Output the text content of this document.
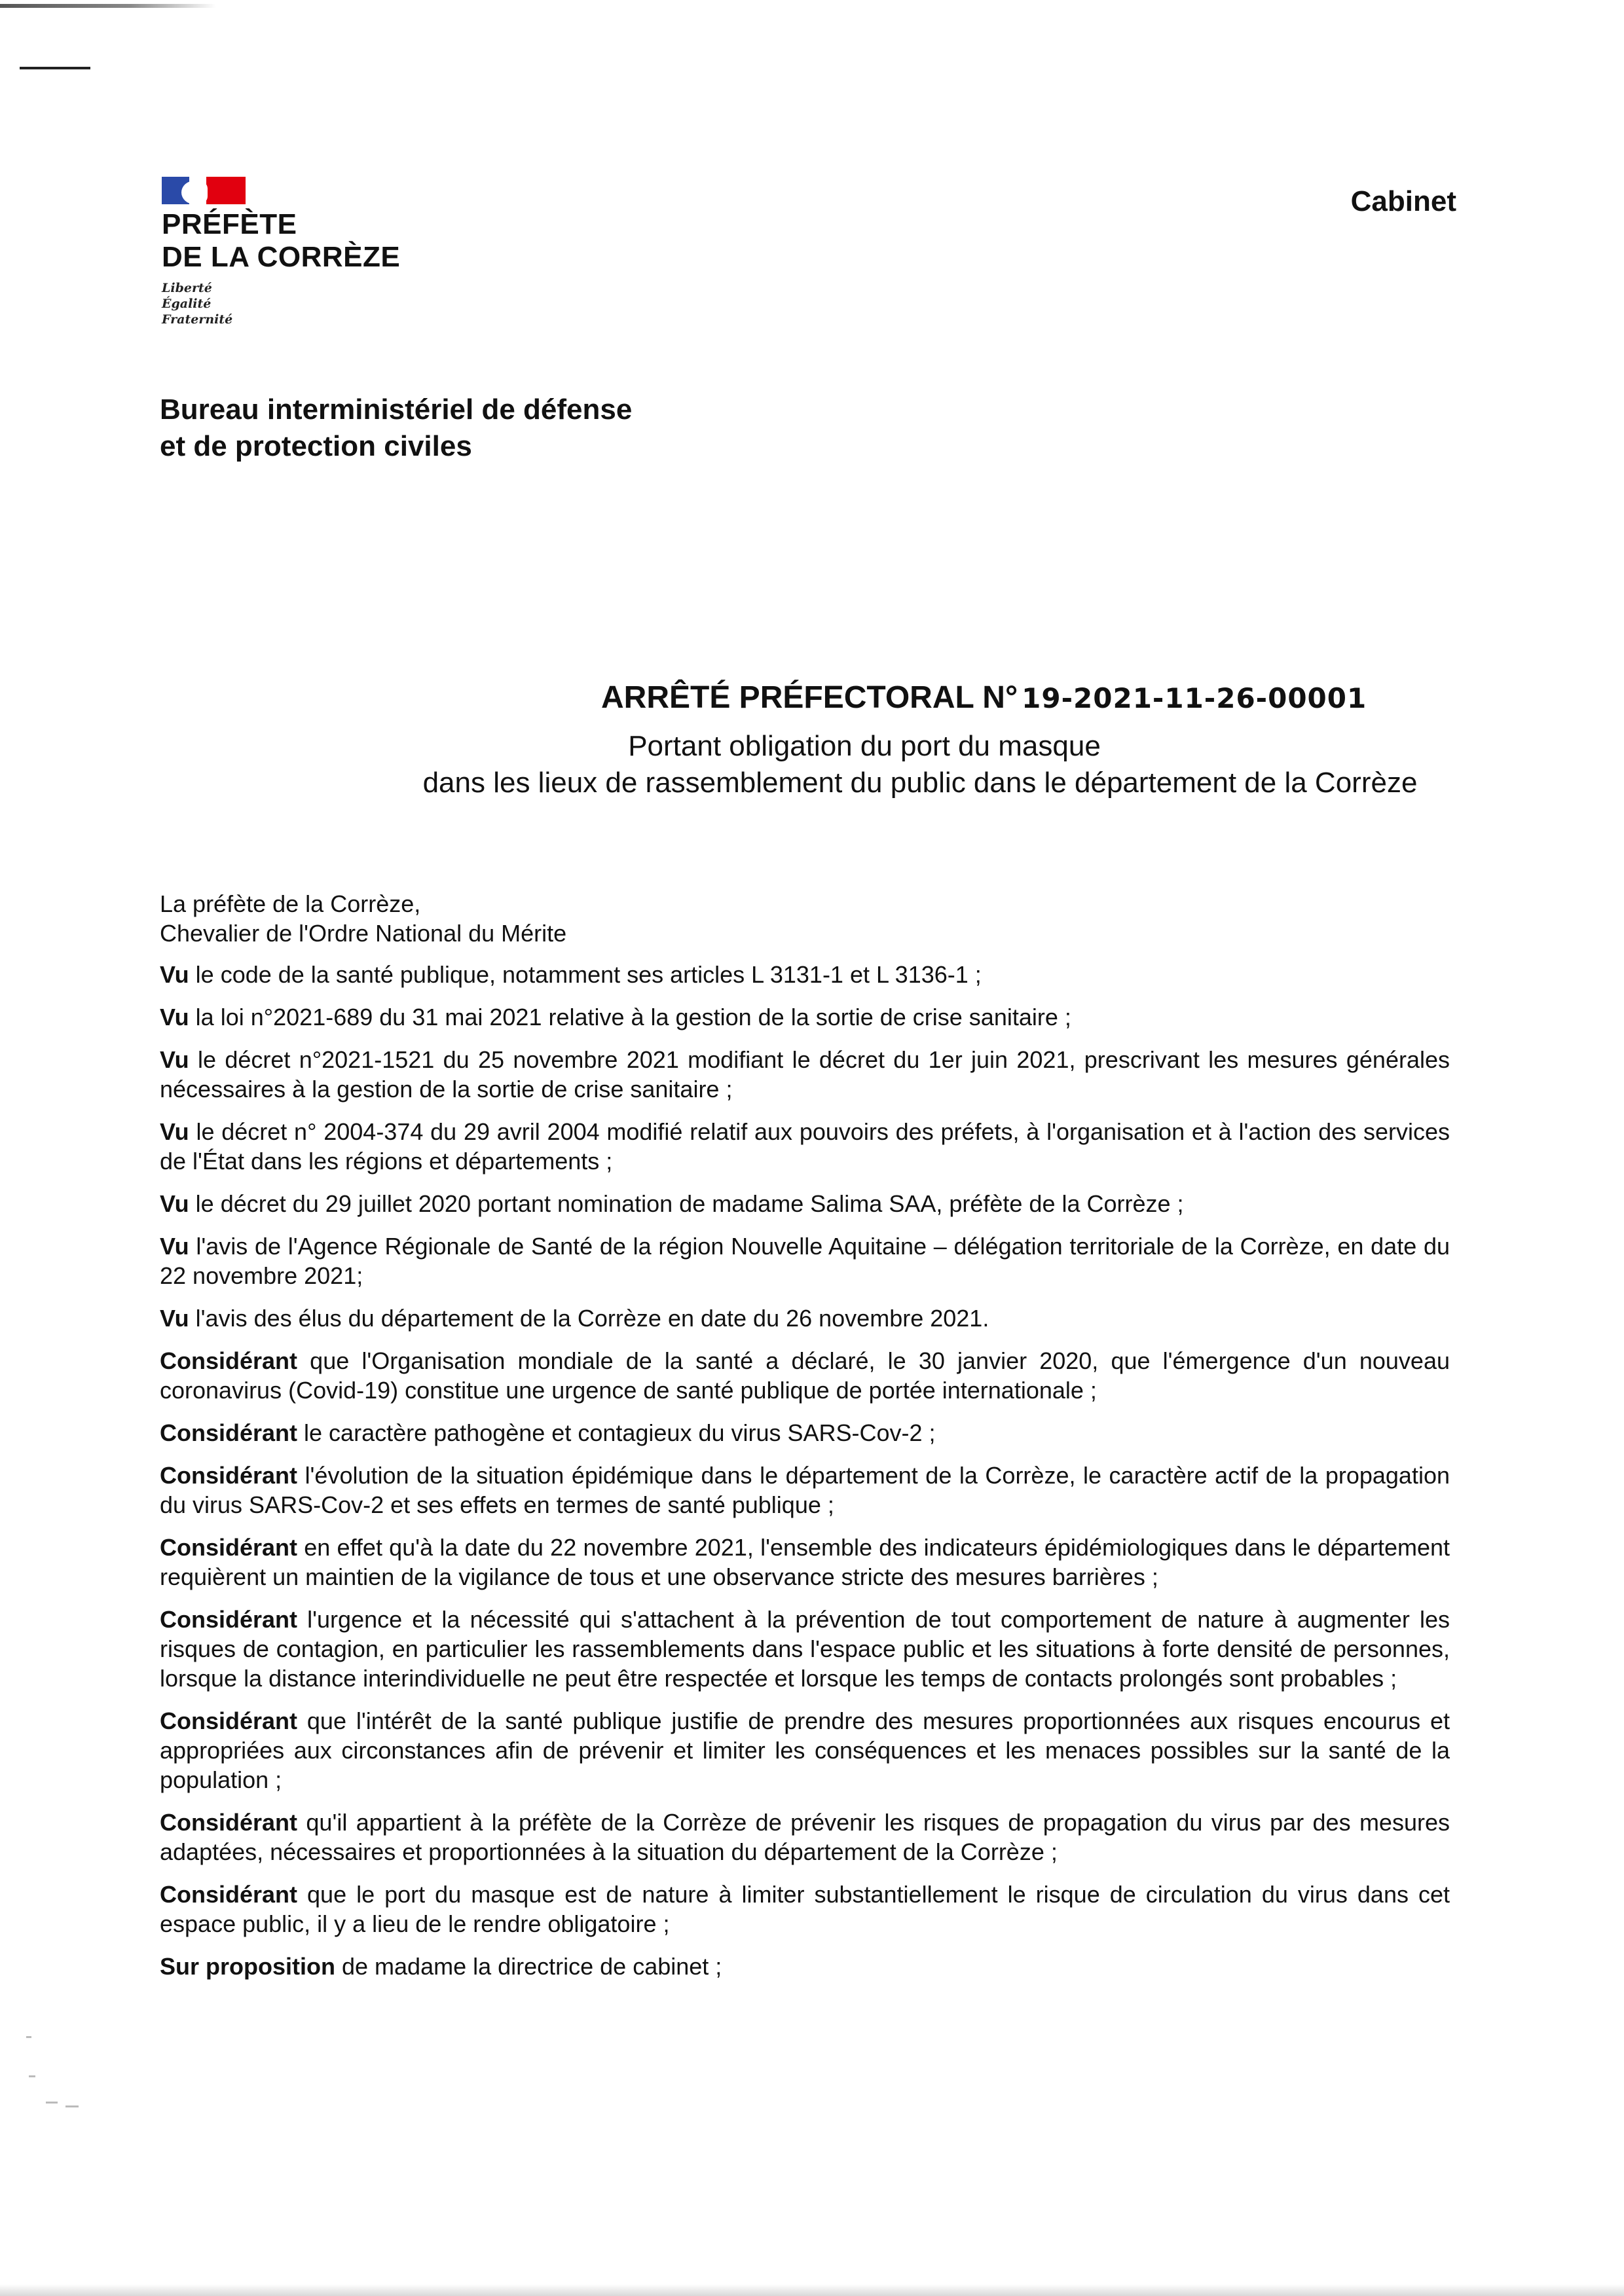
PRÉFÈTE
DE LA CORRÈZE
Liberté
Égalité
Fraternité
Cabinet
Bureau interministériel de défense
et de protection civiles
ARRÊTÉ PRÉFECTORAL N° 19-2021-11-26-00001
Portant obligation du port du masque
dans les lieux de rassemblement du public dans le département de la Corrèze
La préfète de la Corrèze,
Chevalier de l'Ordre National du Mérite

Vu le code de la santé publique, notamment ses articles L 3131-1 et L 3136-1 ;

Vu la loi n°2021-689 du 31 mai 2021 relative à la gestion de la sortie de crise sanitaire ;

Vu le décret n°2021-1521 du 25 novembre 2021 modifiant le décret du 1er juin 2021, prescrivant les mesures générales nécessaires à la gestion de la sortie de crise sanitaire ;

Vu le décret n° 2004-374 du 29 avril 2004 modifié relatif aux pouvoirs des préfets, à l'organisation et à l'action des services de l'État dans les régions et départements ;

Vu le décret du 29 juillet 2020 portant nomination de madame Salima SAA, préfète de la Corrèze ;

Vu l'avis de l'Agence Régionale de Santé de la région Nouvelle Aquitaine – délégation territoriale de la Corrèze, en date du 22 novembre 2021;

Vu l'avis des élus du département de la Corrèze en date du 26 novembre 2021.

Considérant que l'Organisation mondiale de la santé a déclaré, le 30 janvier 2020, que l'émergence d'un nouveau coronavirus (Covid-19) constitue une urgence de santé publique de portée internationale ;

Considérant le caractère pathogène et contagieux du virus SARS-Cov-2 ;

Considérant l'évolution de la situation épidémique dans le département de la Corrèze, le caractère actif de la propagation du virus SARS-Cov-2 et ses effets en termes de santé publique ;

Considérant en effet qu'à la date du 22 novembre 2021, l'ensemble des indicateurs épidémiologiques dans le département requièrent un maintien de la vigilance de tous et une observance stricte des mesures barrières ;

Considérant l'urgence et la nécessité qui s'attachent à la prévention de tout comportement de nature à augmenter les risques de contagion, en particulier les rassemblements dans l'espace public et les situations à forte densité de personnes, lorsque la distance interindividuelle ne peut être respectée et lorsque les temps de contacts prolongés sont probables ;

Considérant que l'intérêt de la santé publique justifie de prendre des mesures proportionnées aux risques encourus et appropriées aux circonstances afin de prévenir et limiter les conséquences et les menaces possibles sur la santé de la population ;

Considérant qu'il appartient à la préfète de la Corrèze de prévenir les risques de propagation du virus par des mesures adaptées, nécessaires et proportionnées à la situation du département de la Corrèze ;

Considérant que le port du masque est de nature à limiter substantiellement le risque de circulation du virus dans cet espace public, il y a lieu de le rendre obligatoire ;

Sur proposition de madame la directrice de cabinet ;
